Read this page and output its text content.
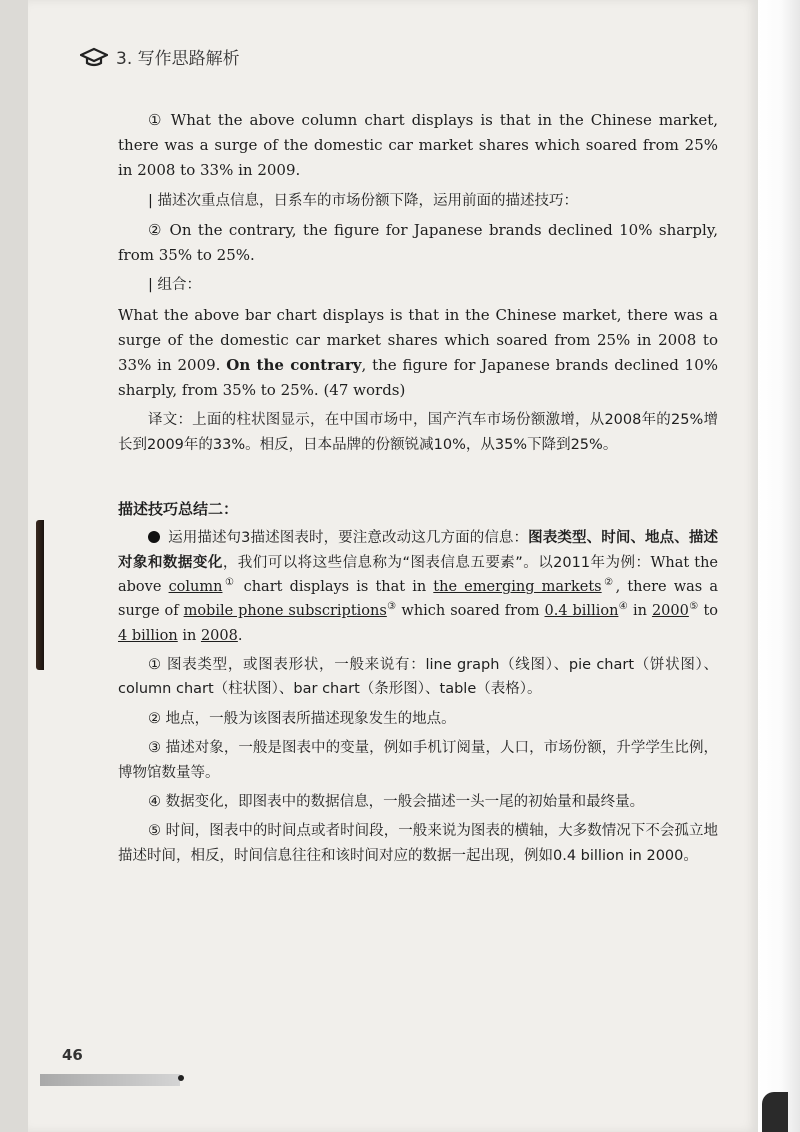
3. 写作思路解析

① What the above column chart displays is that in the Chinese market, there was a surge of the domestic car market shares which soared from 25% in 2008 to 33% in 2009.

| 描述次重点信息，日系车的市场份额下降，运用前面的描述技巧：

② On the contrary, the figure for Japanese brands declined 10% sharply, from 35% to 25%.

| 组合：

What the above bar chart displays is that in the Chinese market, there was a surge of the domestic car market shares which soared from 25% in 2008 to 33% in 2009. On the contrary, the figure for Japanese brands declined 10% sharply, from 35% to 25%. (47 words)

译文：上面的柱状图显示，在中国市场中，国产汽车市场份额激增，从2008年的25%增长到2009年的33%。相反，日本品牌的份额锐减10%，从35%下降到25%。

描述技巧总结二：

运用描述句3描述图表时，要注意改动这几方面的信息：图表类型、时间、地点、描述对象和数据变化，我们可以将这些信息称为“图表信息五要素”。以2011年为例：What the above column① chart displays is that in the emerging markets②, there was a surge of mobile phone subscriptions③ which soared from 0.4 billion④ in 2000⑤ to 4 billion in 2008.

① 图表类型，或图表形状，一般来说有：line graph（线图）、pie chart（饼状图）、column chart（柱状图）、bar chart（条形图）、table（表格）。

② 地点，一般为该图表所描述现象发生的地点。

③ 描述对象，一般是图表中的变量，例如手机订阅量，人口，市场份额，升学学生比例，博物馆数量等。

④ 数据变化，即图表中的数据信息，一般会描述一头一尾的初始量和最终量。

⑤ 时间，图表中的时间点或者时间段，一般来说为图表的横轴，大多数情况下不会孤立地描述时间，相反，时间信息往往和该时间对应的数据一起出现，例如0.4 billion in 2000。

46
